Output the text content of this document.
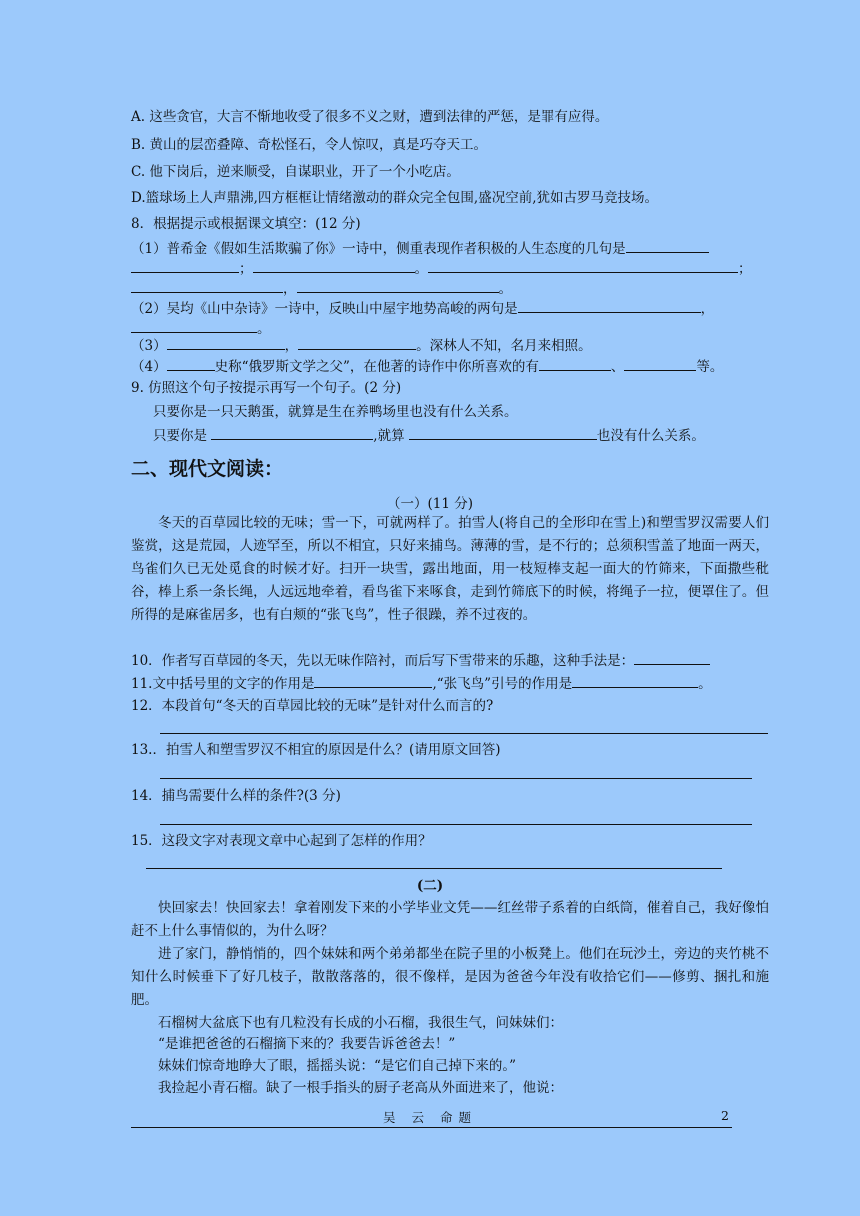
A. 这些贪官，大言不惭地收受了很多不义之财，遭到法律的严惩，是罪有应得。
B. 黄山的层峦叠障、奇松怪石，令人惊叹，真是巧夺天工。
C. 他下岗后，逆来顺受，自谋职业，开了一个小吃店。
D.篮球场上人声鼎沸,四方框框让情绪激动的群众完全包围,盛况空前,犹如古罗马竞技场。
8．根据提示或根据课文填空：(12 分)
（1）普希金《假如生活欺骗了你》一诗中，侧重表现作者积极的人生态度的几句是
；	。	；
，	。
（2）吴均《山中杂诗》一诗中，反映山中屋宇地势高峻的两句是	，
。
（3）	，	。深林人不知，名月来相照。
（4）	史称“俄罗斯文学之父”，在他著的诗作中你所喜欢的有	、	等。
9. 仿照这个句子按提示再写一个句子。(2 分)
只要你是一只天鹅蛋，就算是生在养鸭场里也没有什么关系。
只要你是	,就算	也没有什么关系。
二、现代文阅读：
（一）(11 分)
冬天的百草园比较的无味；雪一下，可就两样了。拍雪人(将自己的全形印在雪上)和塑雪罗汉需要人们鉴赏，这是荒园，人迹罕至，所以不相宜，只好来捕鸟。薄薄的雪，是不行的；总须积雪盖了地面一两天，鸟雀们久已无处觅食的时候才好。扫开一块雪，露出地面，用一枝短棒支起一面大的竹筛来，下面撒些秕谷，棒上系一条长绳，人远远地牵着，看鸟雀下来啄食，走到竹筛底下的时候，将绳子一拉，便罩住了。但所得的是麻雀居多，也有白颊的“张飞鸟”，性子很躁，养不过夜的。
10．作者写百草园的冬天，先以无味作陪衬，而后写下雪带来的乐趣，这种手法是：
11.文中括号里的文字的作用是	,“张飞鸟”引号的作用是	。
12．本段首句“冬天的百草园比较的无味”是针对什么而言的?
13.．拍雪人和塑雪罗汉不相宜的原因是什么？(请用原文回答)
14．捕鸟需要什么样的条件?(3 分)
15．这段文字对表现文章中心起到了怎样的作用？
(二)
快回家去！快回家去！拿着刚发下来的小学毕业文凭——红丝带子系着的白纸筒，催着自己，我好像怕赶不上什么事情似的，为什么呀？
进了家门，静悄悄的，四个妹妹和两个弟弟都坐在院子里的小板凳上。他们在玩沙土，旁边的夹竹桃不知什么时候垂下了好几枝子，散散落落的，很不像样，是因为爸爸今年没有收拾它们——修剪、捆扎和施肥。
石榴树大盆底下也有几粒没有长成的小石榴，我很生气，问妹妹们：
“是谁把爸爸的石榴摘下来的？我要告诉爸爸去！”
妹妹们惊奇地睁大了眼，摇摇头说：“是它们自己掉下来的。”
我捡起小青石榴。缺了一根手指头的厨子老高从外面进来了，他说：
吴 云 命题	2
